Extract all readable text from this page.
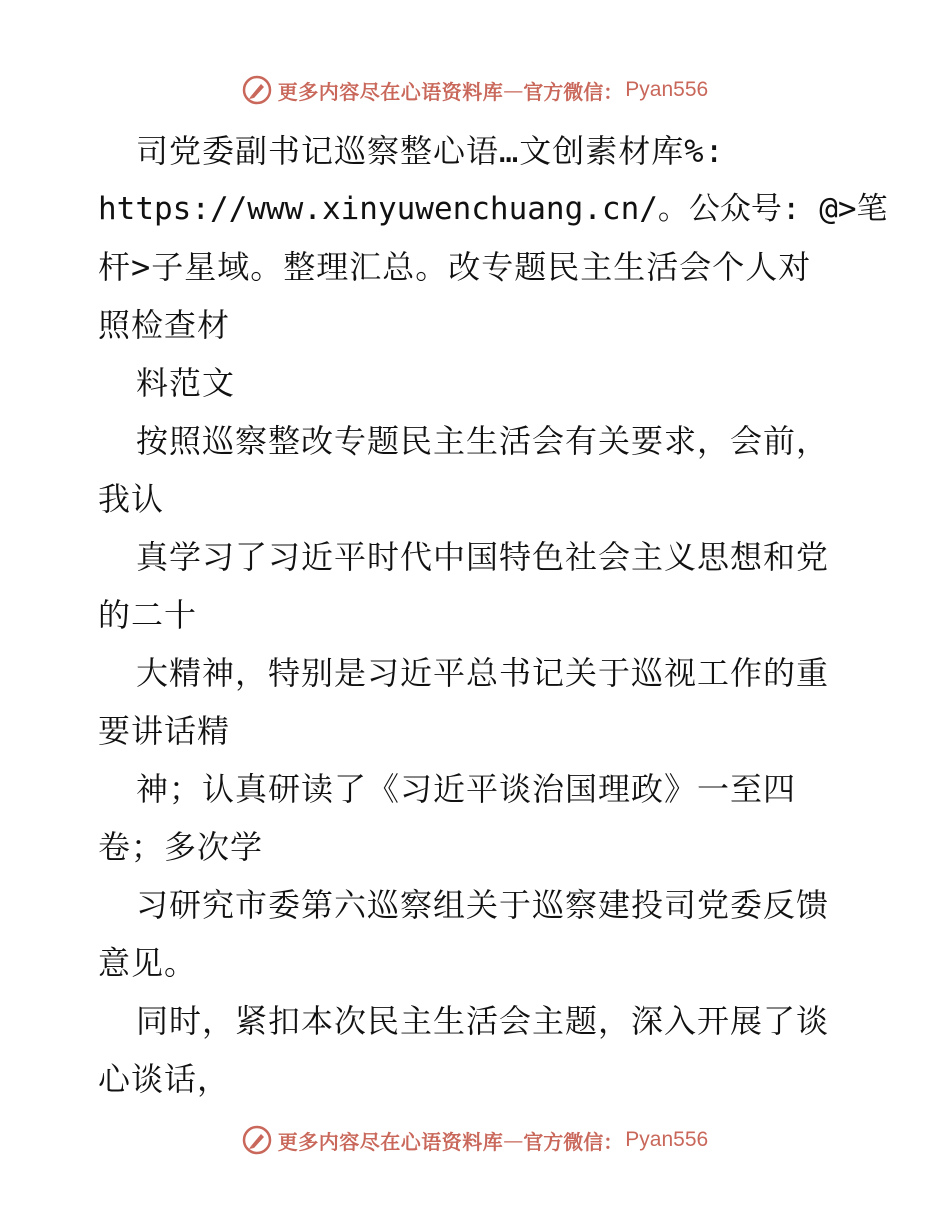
更多内容尽在心语资料库 — 官方微信： Pyan556
司党委副书记巡察整心语…文创素材库%:
https://www.xinyuwenchuang.cn/。公众号: @>笔
杆>子星域。整理汇总。改专题民主生活会个人对
照检查材
料范文
按照巡察整改专题民主生活会有关要求，会前，
我认
真学习了习近平时代中国特色社会主义思想和党
的二十
大精神，特别是习近平总书记关于巡视工作的重
要讲话精
神；认真研读了《习近平谈治国理政》一至四
卷；多次学
习研究市委第六巡察组关于巡察建投司党委反馈
意见。
同时，紧扣本次民主生活会主题，深入开展了谈
心谈话，
更多内容尽在心语资料库 — 官方微信： Pyan556
